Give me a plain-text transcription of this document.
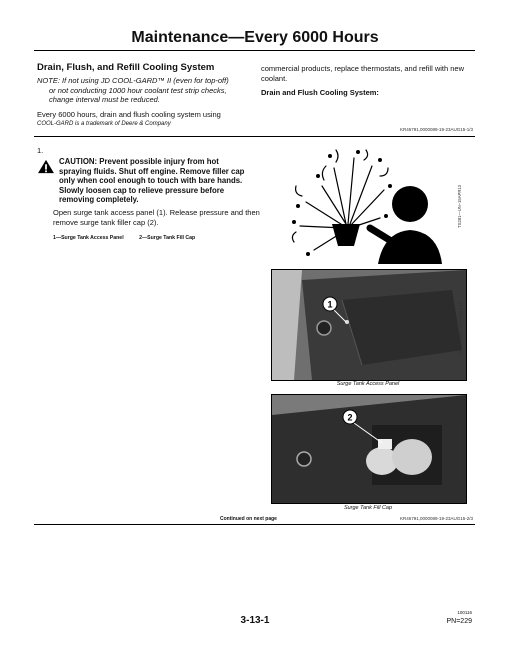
Maintenance—Every 6000 Hours
Drain, Flush, and Refill Cooling System
NOTE: If not using JD COOL-GARD™ II (even for top-off)
or not conducting 1000 hour coolant test strip checks,
change interval must be reduced.
commercial products, replace thermostats, and refill with new coolant.
Drain and Flush Cooling System:
Every 6000 hours, drain and flush cooling system using
COOL-GARD is a trademark of Deere & Company
KR46791,0000089-19-23AUG15-1/3
1.
CAUTION: Prevent possible injury from hot
spraying fluids. Shut off engine. Remove filler cap
only when cool enough to touch with bare hands.
Slowly loosen cap to relieve pressure before
removing completely.
Open surge tank access panel (1). Release pressure and then remove surge tank filler cap (2).
1—Surge Tank Access Panel	2—Surge Tank Fill Cap
TS281—UN–15APR13
1
Surge Tank Access Panel
TX1144624A—UN–22JUL13
2
Surge Tank Fill Cap
TX1144624A—UN–22JUL13
Continued on next page	KR46791,0000089-19-23AUG15-2/3
3-13-1
100116
PN=229
